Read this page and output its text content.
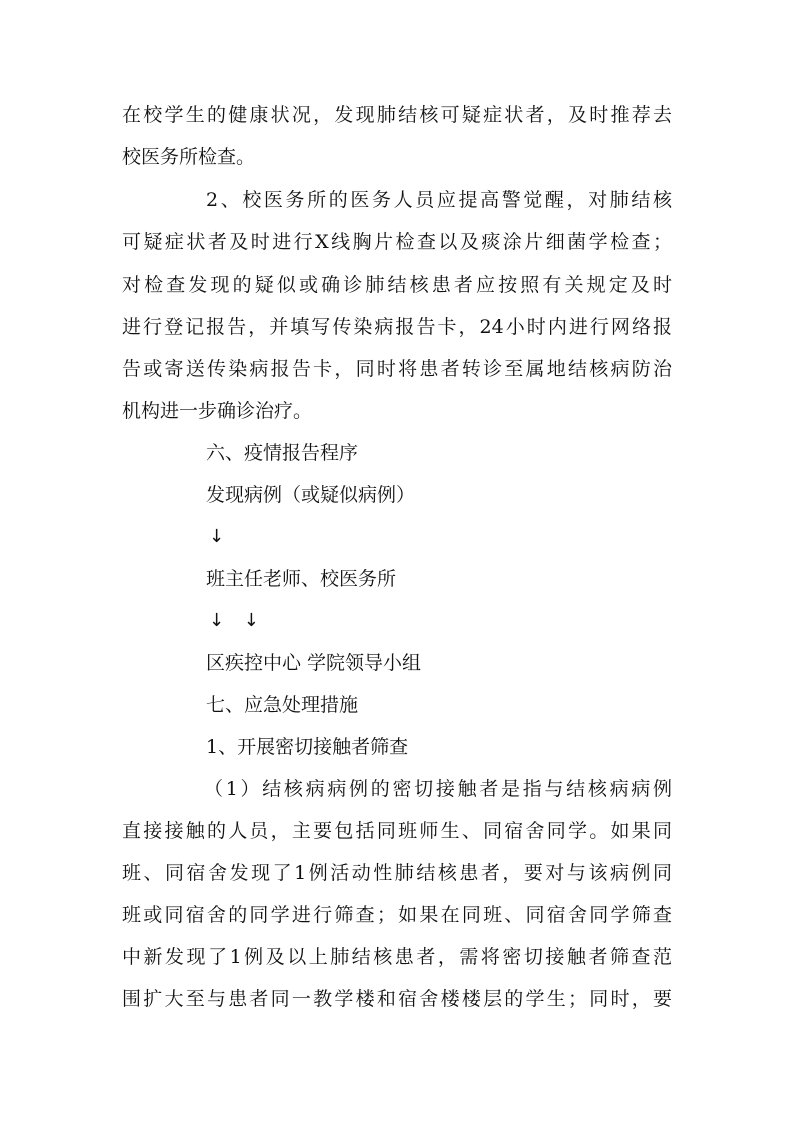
在校学生的健康状况，发现肺结核可疑症状者，及时推荐去
校医务所检查。
2、校医务所的医务人员应提高警觉醒，对肺结核
可疑症状者及时进行X线胸片检查以及痰涂片细菌学检查；
对检查发现的疑似或确诊肺结核患者应按照有关规定及时
进行登记报告，并填写传染病报告卡，24小时内进行网络报
告或寄送传染病报告卡，同时将患者转诊至属地结核病防治
机构进一步确诊治疗。
六、疫情报告程序
发现病例（或疑似病例）
↓
班主任老师、校医务所
↓ ↓
区疾控中心 学院领导小组
七、应急处理措施
1、开展密切接触者筛查
（1）结核病病例的密切接触者是指与结核病病例
直接接触的人员，主要包括同班师生、同宿舍同学。如果同
班、同宿舍发现了1例活动性肺结核患者，要对与该病例同
班或同宿舍的同学进行筛查；如果在同班、同宿舍同学筛查
中新发现了1例及以上肺结核患者，需将密切接触者筛查范
围扩大至与患者同一教学楼和宿舍楼楼层的学生；同时，要
